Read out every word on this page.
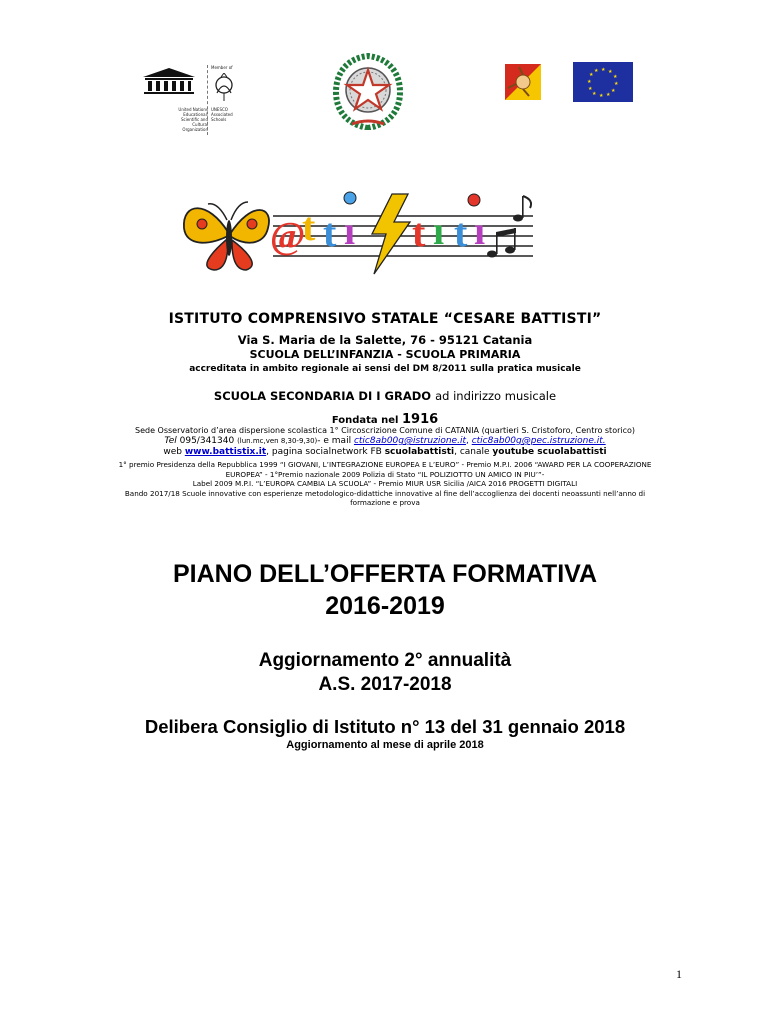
United Nations
Educational, Scientific and
Cultural Organization
Member of
UNESCO
Associated
Schools
★ ★
★
★
★
★
★
★
★
★
★
★
@
t t ı t ı t ı
ISTITUTO COMPRENSIVO STATALE “CESARE BATTISTI”
Via S. Maria de la Salette, 76 - 95121 Catania
SCUOLA DELL’INFANZIA - SCUOLA PRIMARIA
accreditata in ambito regionale ai sensi del DM 8/2011 sulla pratica musicale
SCUOLA SECONDARIA DI I GRADO ad indirizzo musicale
Fondata nel 1916
Sede Osservatorio d’area dispersione scolastica 1° Circoscrizione Comune di CATANIA (quartieri S. Cristoforo, Centro storico)
Tel 095/341340 (lun.mc,ven 8,30-9,30)- e mail ctic8ab00g@istruzione.it, ctic8ab00g@pec.istruzione.it.
web www.battistix.it, pagina socialnetwork FB scuolabattisti, canale youtube scuolabattisti
1° premio Presidenza della Repubblica 1999 “I GIOVANI, L’INTEGRAZIONE EUROPEA E L’EURO” - Premio M.P.I. 2006 “AWARD PER LA COOPERAZIONE
EUROPEA” - 1°Premio nazionale 2009 Polizia di Stato “IL POLIZIOTTO UN AMICO IN PIU’”-
Label 2009 M.P.I. “L’EUROPA CAMBIA LA SCUOLA” - Premio MIUR USR Sicilia /AICA 2016 PROGETTI DIGITALI
Bando 2017/18 Scuole innovative con esperienze metodologico-didattiche innovative al fine dell’accoglienza dei docenti neoassunti nell’anno di
formazione e prova
PIANO DELL’OFFERTA FORMATIVA
2016-2019
Aggiornamento 2° annualità
A.S. 2017-2018
Delibera Consiglio di Istituto n° 13 del 31 gennaio 2018
Aggiornamento al mese di aprile 2018
1
